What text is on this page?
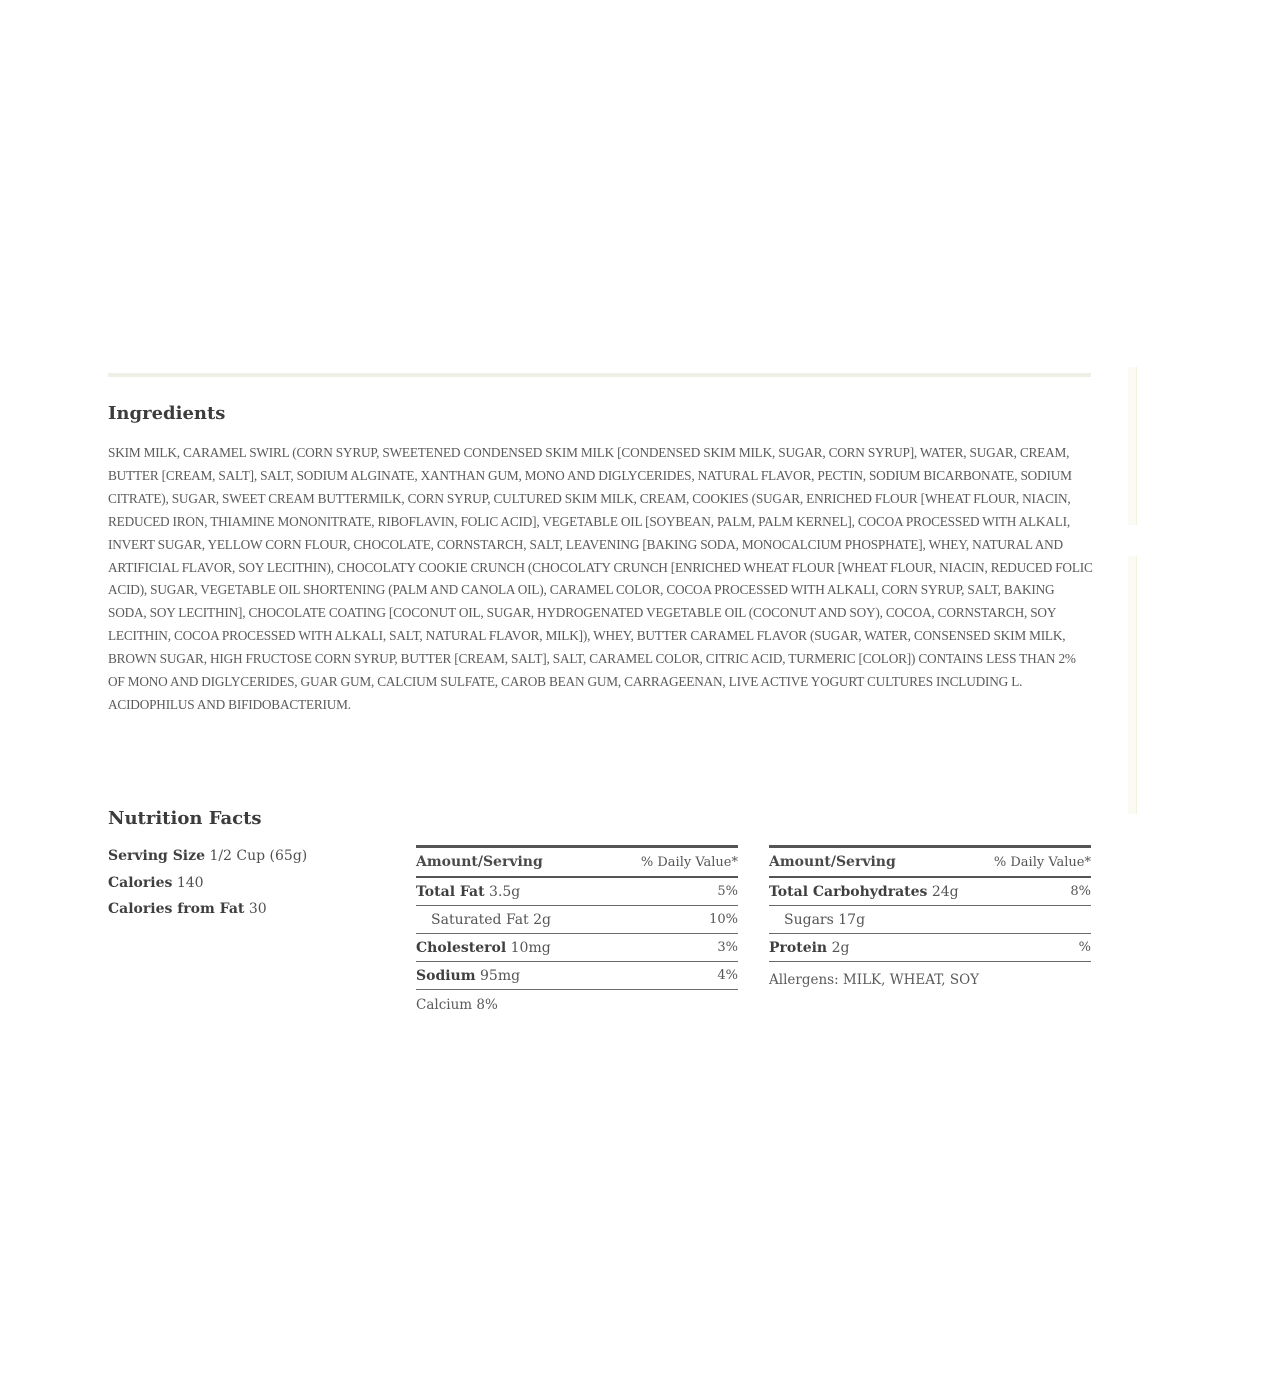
Ingredients

SKIM MILK, CARAMEL SWIRL (CORN SYRUP, SWEETENED CONDENSED SKIM MILK [CONDENSED SKIM MILK, SUGAR, CORN SYRUP], WATER, SUGAR, CREAM, BUTTER [CREAM, SALT], SALT, SODIUM ALGINATE, XANTHAN GUM, MONO AND DIGLYCERIDES, NATURAL FLAVOR, PECTIN, SODIUM BICARBONATE, SODIUM CITRATE), SUGAR, SWEET CREAM BUTTERMILK, CORN SYRUP, CULTURED SKIM MILK, CREAM, COOKIES (SUGAR, ENRICHED FLOUR [WHEAT FLOUR, NIACIN, REDUCED IRON, THIAMINE MONONITRATE, RIBOFLAVIN, FOLIC ACID], VEGETABLE OIL [SOYBEAN, PALM, PALM KERNEL], COCOA PROCESSED WITH ALKALI, INVERT SUGAR, YELLOW CORN FLOUR, CHOCOLATE, CORNSTARCH, SALT, LEAVENING [BAKING SODA, MONOCALCIUM PHOSPHATE], WHEY, NATURAL AND ARTIFICIAL FLAVOR, SOY LECITHIN), CHOCOLATY COOKIE CRUNCH (CHOCOLATY CRUNCH [ENRICHED WHEAT FLOUR [WHEAT FLOUR, NIACIN, REDUCED FOLIC ACID), SUGAR, VEGETABLE OIL SHORTENING (PALM AND CANOLA OIL), CARAMEL COLOR, COCOA PROCESSED WITH ALKALI, CORN SYRUP, SALT, BAKING SODA, SOY LECITHIN], CHOCOLATE COATING [COCONUT OIL, SUGAR, HYDROGENATED VEGETABLE OIL (COCONUT AND SOY), COCOA, CORNSTARCH, SOY LECITHIN, COCOA PROCESSED WITH ALKALI, SALT, NATURAL FLAVOR, MILK]), WHEY, BUTTER CARAMEL FLAVOR (SUGAR, WATER, CONSENSED SKIM MILK, BROWN SUGAR, HIGH FRUCTOSE CORN SYRUP, BUTTER [CREAM, SALT], SALT, CARAMEL COLOR, CITRIC ACID, TURMERIC [COLOR]) CONTAINS LESS THAN 2% OF MONO AND DIGLYCERIDES, GUAR GUM, CALCIUM SULFATE, CAROB BEAN GUM, CARRAGEENAN, LIVE ACTIVE YOGURT CULTURES INCLUDING L. ACIDOPHILUS AND BIFIDOBACTERIUM.

Nutrition Facts
Serving Size 1/2 Cup (65g)
Calories 140
Calories from Fat 30
Amount/Serving	% Daily Value*
Total Fat 3.5g	5%
Saturated Fat 2g	10%
Cholesterol 10mg	3%
Sodium 95mg	4%
Calcium 8%
Amount/Serving	% Daily Value*
Total Carbohydrates 24g	8%
Sugars 17g
Protein 2g	%
Allergens: MILK, WHEAT, SOY
